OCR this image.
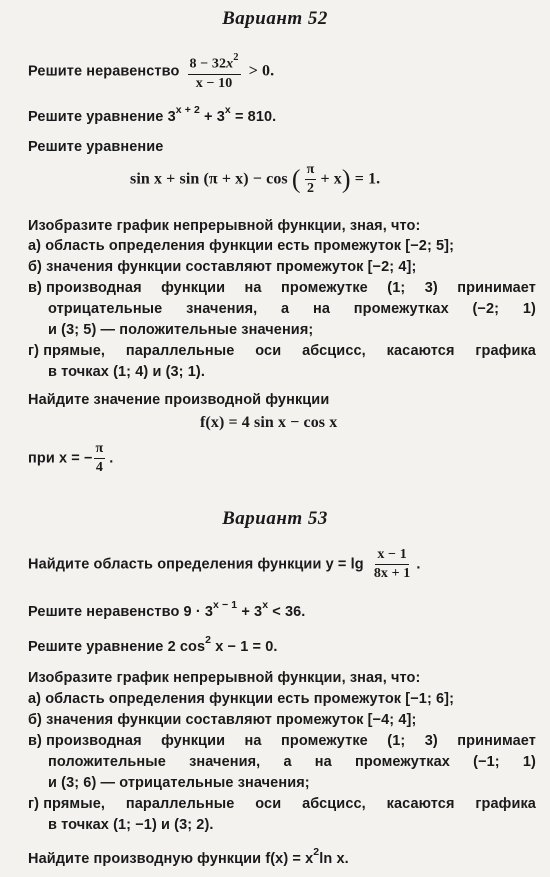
Вариант 52
Решите неравенство $\frac{8 - 32x^2}{x - 10} > 0$.
Решите уравнение $3^{x + 2} + 3^x = 810$.
Решите уравнение
sin x + sin (π + x) − cos ( $\frac{\pi}{2} + x) = 1$.
Изобразите график непрерывной функции, зная, что:
а) область определения функции есть промежуток [−2; 5];
б) значения функции составляют промежуток [−2; 4];
в) производная функции на промежутке (1; 3) принимает
отрицательные значения, а на промежутках (−2; 1)
и (3; 5) — положительные значения;
г) прямые, параллельные оси абсцисс, касаются графика
в точках (1; 4) и (3; 1).
Найдите значение производной функции
f(x) = 4 sin x − cos x
при x = − $\frac{\pi}{4}$ .
Вариант 53
Найдите область определения функции $y = \lg \frac{x - 1}{8x + 1}$ .
Решите неравенство $9 \cdot 3^{x - 1} + 3^x < 36$.
Решите уравнение 2 $\cos^2 x - 1 = 0$.
Изобразите график непрерывной функции, зная, что:
а) область определения функции есть промежуток [−1; 6];
б) значения функции составляют промежуток [−4; 4];
в) производная функции на промежутке (1; 3) принимает
положительные значения, а на промежутках (−1; 1)
и (3; 6) — отрицательные значения;
г) прямые, параллельные оси абсцисс, касаются графика
в точках (1; −1) и (3; 2).
Найдите производную функции $f(x) = x^2\ln$ x.
